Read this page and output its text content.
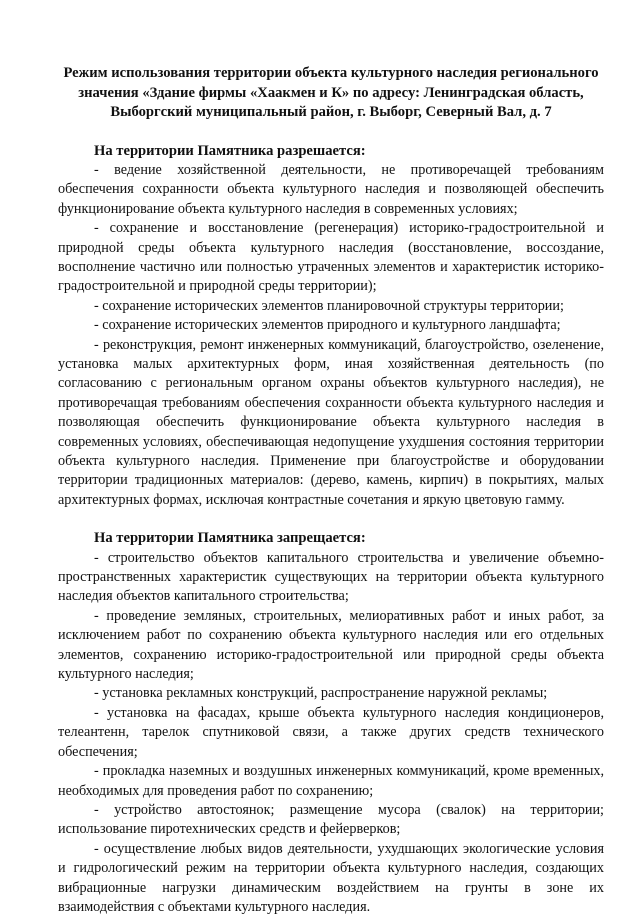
Режим использования территории объекта культурного наследия регионального значения «Здание фирмы «Хаакмен и К» по адресу: Ленинградская область, Выборгский муниципальный район, г. Выборг, Северный Вал, д. 7

На территории Памятника разрешается:

- ведение хозяйственной деятельности, не противоречащей требованиям обеспечения сохранности объекта культурного наследия и позволяющей обеспечить функционирование объекта культурного наследия в современных условиях;

- сохранение и восстановление (регенерация) историко-градостроительной и природной среды объекта культурного наследия (восстановление, воссоздание, восполнение частично или полностью утраченных элементов и характеристик историко-градостроительной и природной среды территории);

- сохранение исторических элементов планировочной структуры территории;

- сохранение исторических элементов природного и культурного ландшафта;

- реконструкция, ремонт инженерных коммуникаций, благоустройство, озеленение, установка малых архитектурных форм, иная хозяйственная деятельность (по согласованию с региональным органом охраны объектов культурного наследия), не противоречащая требованиям обеспечения сохранности объекта культурного наследия и позволяющая обеспечить функционирование объекта культурного наследия в современных условиях, обеспечивающая недопущение ухудшения состояния территории объекта культурного наследия. Применение при благоустройстве и оборудовании территории традиционных материалов: (дерево, камень, кирпич) в покрытиях, малых архитектурных формах, исключая контрастные сочетания и яркую цветовую гамму.

На территории Памятника запрещается:

- строительство объектов капитального строительства и увеличение объемно-пространственных характеристик существующих на территории объекта культурного наследия объектов капитального строительства;

- проведение земляных, строительных, мелиоративных работ и иных работ, за исключением работ по сохранению объекта культурного наследия или его отдельных элементов, сохранению историко-градостроительной или природной среды объекта культурного наследия;

- установка рекламных конструкций, распространение наружной рекламы;

- установка на фасадах, крыше объекта культурного наследия кондиционеров, телеантенн, тарелок спутниковой связи, а также других средств технического обеспечения;

- прокладка наземных и воздушных инженерных коммуникаций, кроме временных, необходимых для проведения работ по сохранению;

- устройство автостоянок; размещение мусора (свалок) на территории; использование пиротехнических средств и фейерверков;

- осуществление любых видов деятельности, ухудшающих экологические условия и гидрологический режим на территории объекта культурного наследия, создающих вибрационные нагрузки динамическим воздействием на грунты в зоне их взаимодействия с объектами культурного наследия.
